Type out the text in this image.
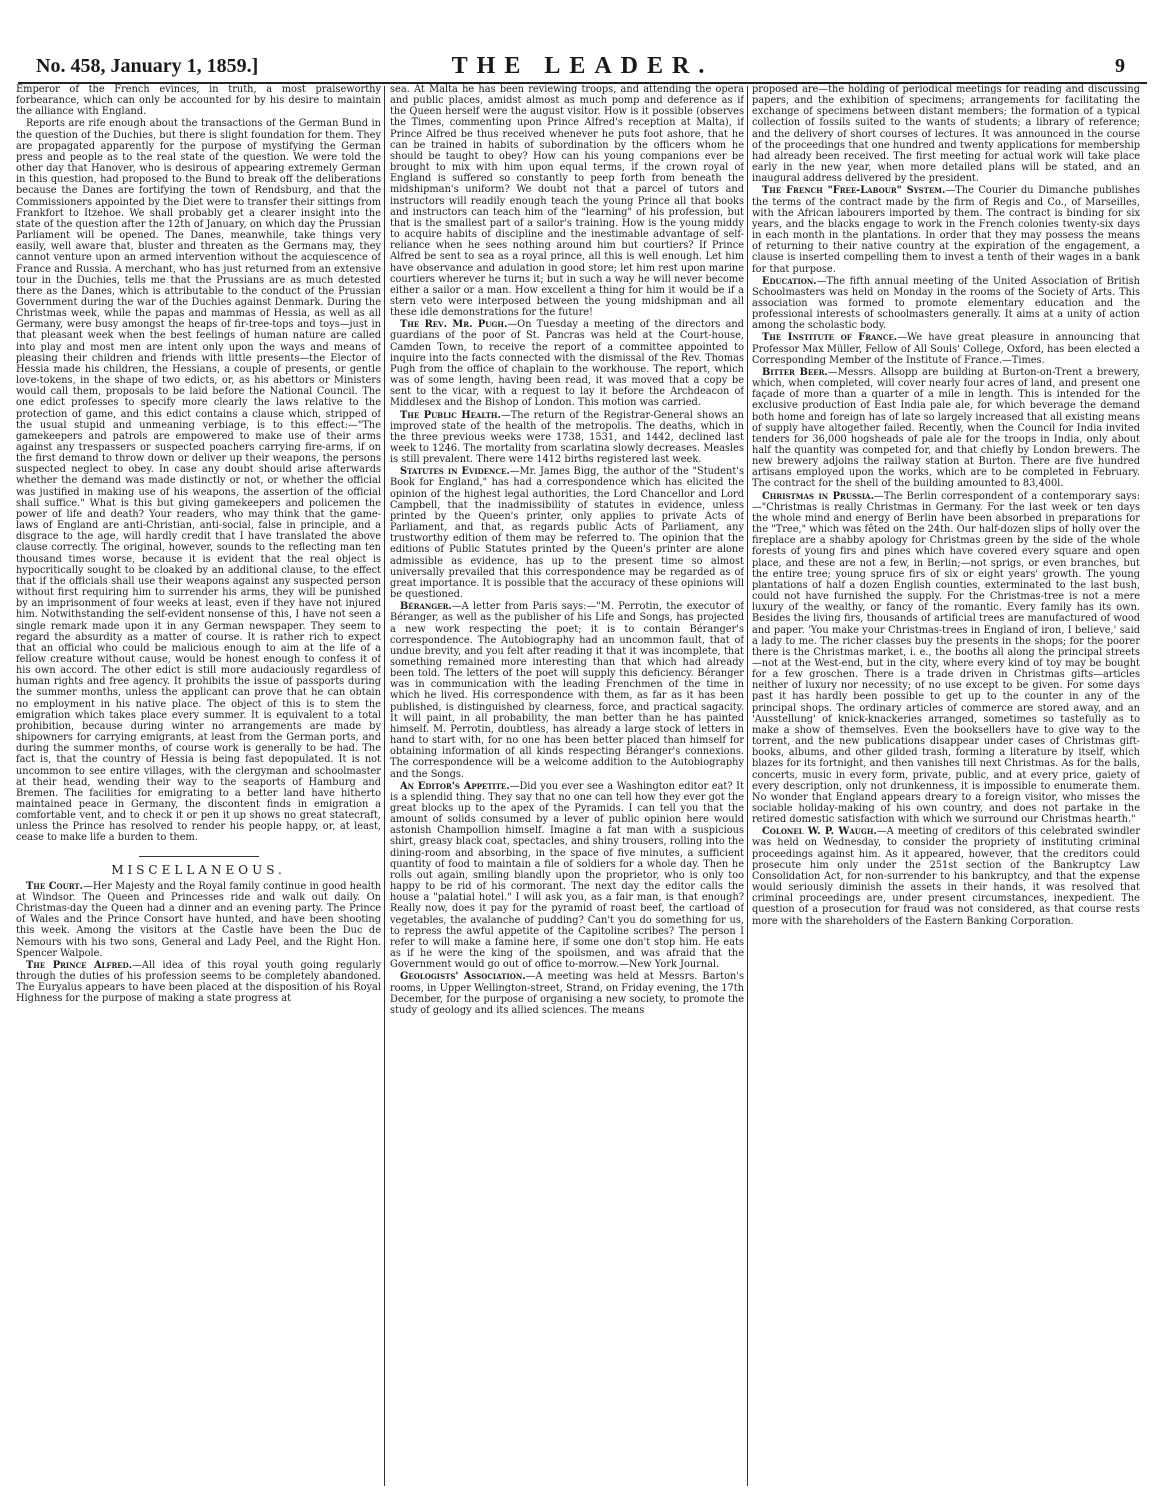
No. 458, January 1, 1859.]	THE LEADER.	9

Emperor of the French evinces, in truth, a most praiseworthy forbearance, which can only be accounted for by his desire to maintain the alliance with England.

Reports are rife enough about the transactions of the German Bund in the question of the Duchies, but there is slight foundation for them. They are propagated apparently for the purpose of mystifying the German press and people as to the real state of the question. We were told the other day that Hanover, who is desirous of appearing extremely German in this question, had proposed to the Bund to break off the deliberations because the Danes are fortifying the town of Rendsburg, and that the Commissioners appointed by the Diet were to transfer their sittings from Frankfort to Itzehoe. We shall probably get a clearer insight into the state of the question after the 12th of January, on which day the Prussian Parliament will be opened. The Danes, meanwhile, take things very easily, well aware that, bluster and threaten as the Germans may, they cannot venture upon an armed intervention without the acquiescence of France and Russia. A merchant, who has just returned from an extensive tour in the Duchies, tells me that the Prussians are as much detested there as the Danes, which is attributable to the conduct of the Prussian Government during the war of the Duchies against Denmark. During the Christmas week, while the papas and mammas of Hessia, as well as all Germany, were busy amongst the heaps of fir-tree-tops and toys—just in that pleasant week when the best feelings of human nature are called into play and most men are intent only upon the ways and means of pleasing their children and friends with little presents—the Elector of Hessia made his children, the Hessians, a couple of presents, or gentle love-tokens, in the shape of two edicts, or, as his abettors or Ministers would call them, proposals to be laid before the National Council. The one edict professes to specify more clearly the laws relative to the protection of game, and this edict contains a clause which, stripped of the usual stupid and unmeaning verbiage, is to this effect:—"The gamekeepers and patrols are empowered to make use of their arms against any trespassers or suspected poachers carrying fire-arms, if on the first demand to throw down or deliver up their weapons, the persons suspected neglect to obey. In case any doubt should arise afterwards whether the demand was made distinctly or not, or whether the official was justified in making use of his weapons, the assertion of the official shall suffice." What is this but giving gamekeepers and policemen the power of life and death? Your readers, who may think that the game-laws of England are anti-Christian, anti-social, false in principle, and a disgrace to the age, will hardly credit that I have translated the above clause correctly. The original, however, sounds to the reflecting man ten thousand times worse, because it is evident that the real object is hypocritically sought to be cloaked by an additional clause, to the effect that if the officials shall use their weapons against any suspected person without first requiring him to surrender his arms, they will be punished by an imprisonment of four weeks at least, even if they have not injured him. Notwithstanding the self-evident nonsense of this, I have not seen a single remark made upon it in any German newspaper. They seem to regard the absurdity as a matter of course. It is rather rich to expect that an official who could be malicious enough to aim at the life of a fellow creature without cause, would be honest enough to confess it of his own accord. The other edict is still more audaciously regardless of human rights and free agency. It prohibits the issue of passports during the summer months, unless the applicant can prove that he can obtain no employment in his native place. The object of this is to stem the emigration which takes place every summer. It is equivalent to a total prohibition, because during winter no arrangements are made by shipowners for carrying emigrants, at least from the German ports, and during the summer months, of course work is generally to be had. The fact is, that the country of Hessia is being fast depopulated. It is not uncommon to see entire villages, with the clergyman and schoolmaster at their head, wending their way to the seaports of Hamburg and Bremen. The facilities for emigrating to a better land have hitherto maintained peace in Germany, the discontent finds in emigration a comfortable vent, and to check it or pen it up shows no great statecraft, unless the Prince has resolved to render his people happy, or, at least, cease to make life a burden to them.

MISCELLANEOUS.

The Court.—Her Majesty and the Royal family continue in good health at Windsor. The Queen and Princesses ride and walk out daily. On Christmas-day the Queen had a dinner and an evening party. The Prince of Wales and the Prince Consort have hunted, and have been shooting this week. Among the visitors at the Castle have been the Duc de Nemours with his two sons, General and Lady Peel, and the Right Hon. Spencer Walpole.

The Prince Alfred.—All idea of this royal youth going regularly through the duties of his profession seems to be completely abandoned. The Euryalus appears to have been placed at the disposition of his Royal Highness for the purpose of making a state progress at

sea. At Malta he has been reviewing troops, and attending the opera and public places, amidst almost as much pomp and deference as if the Queen herself were the august visitor. How is it possible (observes the Times, commenting upon Prince Alfred's reception at Malta), if Prince Alfred be thus received whenever he puts foot ashore, that he can be trained in habits of subordination by the officers whom he should be taught to obey? How can his young companions ever be brought to mix with him upon equal terms, if the crown royal of England is suffered so constantly to peep forth from beneath the midshipman's uniform? We doubt not that a parcel of tutors and instructors will readily enough teach the young Prince all that books and instructors can teach him of the "learning" of his profession, but that is the smallest part of a sailor's training. How is the young middy to acquire habits of discipline and the inestimable advantage of self-reliance when he sees nothing around him but courtiers? If Prince Alfred be sent to sea as a royal prince, all this is well enough. Let him have observance and adulation in good store; let him rest upon marine courtiers wherever he turns it; but in such a way he will never become either a sailor or a man. How excellent a thing for him it would be if a stern veto were interposed between the young midshipman and all these idle demonstrations for the future!

The Rev. Mr. Pugh.—On Tuesday a meeting of the directors and guardians of the poor of St. Pancras was held at the Court-house, Camden Town, to receive the report of a committee appointed to inquire into the facts connected with the dismissal of the Rev. Thomas Pugh from the office of chaplain to the workhouse. The report, which was of some length, having been read, it was moved that a copy be sent to the vicar, with a request to lay it before the Archdeacon of Middlesex and the Bishop of London. This motion was carried.

The Public Health.—The return of the Registrar-General shows an improved state of the health of the metropolis. The deaths, which in the three previous weeks were 1738, 1531, and 1442, declined last week to 1246. The mortality from scarlatina slowly decreases. Measles is still prevalent. There were 1412 births registered last week.

Statutes in Evidence.—Mr. James Bigg, the author of the "Student's Book for England," has had a correspondence which has elicited the opinion of the highest legal authorities, the Lord Chancellor and Lord Campbell, that the inadmissibility of statutes in evidence, unless printed by the Queen's printer, only applies to private Acts of Parliament, and that, as regards public Acts of Parliament, any trustworthy edition of them may be referred to. The opinion that the editions of Public Statutes printed by the Queen's printer are alone admissible as evidence, has up to the present time so almost universally prevailed that this correspondence may be regarded as of great importance. It is possible that the accuracy of these opinions will be questioned.

Béranger.—A letter from Paris says:—"M. Perrotin, the executor of Béranger, as well as the publisher of his Life and Songs, has projected a new work respecting the poet; it is to contain Béranger's correspondence. The Autobiography had an uncommon fault, that of undue brevity, and you felt after reading it that it was incomplete, that something remained more interesting than that which had already been told. The letters of the poet will supply this deficiency. Béranger was in communication with the leading Frenchmen of the time in which he lived. His correspondence with them, as far as it has been published, is distinguished by clearness, force, and practical sagacity. It will paint, in all probability, the man better than he has painted himself. M. Perrotin, doubtless, has already a large stock of letters in hand to start with, for no one has been better placed than himself for obtaining information of all kinds respecting Béranger's connexions. The correspondence will be a welcome addition to the Autobiography and the Songs.

An Editor's Appetite.—Did you ever see a Washington editor eat? It is a splendid thing. They say that no one can tell how they ever got the great blocks up to the apex of the Pyramids. I can tell you that the amount of solids consumed by a lever of public opinion here would astonish Champollion himself. Imagine a fat man with a suspicious shirt, greasy black coat, spectacles, and shiny trousers, rolling into the dining-room and absorbing, in the space of five minutes, a sufficient quantity of food to maintain a file of soldiers for a whole day. Then he rolls out again, smiling blandly upon the proprietor, who is only too happy to be rid of his cormorant. The next day the editor calls the house a "palatial hotel." I will ask you, as a fair man, is that enough? Really now, does it pay for the pyramid of roast beef, the cartload of vegetables, the avalanche of pudding? Can't you do something for us, to repress the awful appetite of the Capitoline scribes? The person I refer to will make a famine here, if some one don't stop him. He eats as if he were the king of the spoilsmen, and was afraid that the Government would go out of office to-morrow.—New York Journal.

Geologists' Association.—A meeting was held at Messrs. Barton's rooms, in Upper Wellington-street, Strand, on Friday evening, the 17th December, for the purpose of organising a new society, to promote the study of geology and its allied sciences. The means

proposed are—the holding of periodical meetings for reading and discussing papers, and the exhibition of specimens; arrangements for facilitating the exchange of specimens between distant members; the formation of a typical collection of fossils suited to the wants of students; a library of reference; and the delivery of short courses of lectures. It was announced in the course of the proceedings that one hundred and twenty applications for membership had already been received. The first meeting for actual work will take place early in the new year, when more detailed plans will be stated, and an inaugural address delivered by the president.

The French "Free-Labour" System.—The Courier du Dimanche publishes the terms of the contract made by the firm of Regis and Co., of Marseilles, with the African labourers imported by them. The contract is binding for six years, and the blacks engage to work in the French colonies twenty-six days in each month in the plantations. In order that they may possess the means of returning to their native country at the expiration of the engagement, a clause is inserted compelling them to invest a tenth of their wages in a bank for that purpose.

Education.—The fifth annual meeting of the United Association of British Schoolmasters was held on Monday in the rooms of the Society of Arts. This association was formed to promote elementary education and the professional interests of schoolmasters generally. It aims at a unity of action among the scholastic body.

The Institute of France.—We have great pleasure in announcing that Professor Max Müller, Fellow of All Souls' College, Oxford, has been elected a Corresponding Member of the Institute of France.—Times.

Bitter Beer.—Messrs. Allsopp are building at Burton-on-Trent a brewery, which, when completed, will cover nearly four acres of land, and present one façade of more than a quarter of a mile in length. This is intended for the exclusive production of East India pale ale, for which beverage the demand both home and foreign has of late so largely increased that all existing means of supply have altogether failed. Recently, when the Council for India invited tenders for 36,000 hogsheads of pale ale for the troops in India, only about half the quantity was competed for, and that chiefly by London brewers. The new brewery adjoins the railway station at Burton. There are five hundred artisans employed upon the works, which are to be completed in February. The contract for the shell of the building amounted to 83,400l.

Christmas in Prussia.—The Berlin correspondent of a contemporary says:—"Christmas is really Christmas in Germany. For the last week or ten days the whole mind and energy of Berlin have been absorbed in preparations for the "Tree," which was fêted on the 24th. Our half-dozen slips of holly over the fireplace are a shabby apology for Christmas green by the side of the whole forests of young firs and pines which have covered every square and open place, and these are not a few, in Berlin;—not sprigs, or even branches, but the entire tree; young spruce firs of six or eight years' growth. The young plantations of half a dozen English counties, exterminated to the last bush, could not have furnished the supply. For the Christmas-tree is not a mere luxury of the wealthy, or fancy of the romantic. Every family has its own. Besides the living firs, thousands of artificial trees are manufactured of wood and paper. 'You make your Christmas-trees in England of iron, I believe,' said a lady to me. The richer classes buy the presents in the shops; for the poorer there is the Christmas market, i. e., the booths all along the principal streets—not at the West-end, but in the city, where every kind of toy may be bought for a few groschen. There is a trade driven in Christmas gifts—articles neither of luxury nor necessity; of no use except to be given. For some days past it has hardly been possible to get up to the counter in any of the principal shops. The ordinary articles of commerce are stored away, and an 'Ausstellung' of knick-knackeries arranged, sometimes so tastefully as to make a show of themselves. Even the booksellers have to give way to the torrent, and the new publications disappear under cases of Christmas gift-books, albums, and other gilded trash, forming a literature by itself, which blazes for its fortnight, and then vanishes till next Christmas. As for the balls, concerts, music in every form, private, public, and at every price, gaiety of every description, only not drunkenness, it is impossible to enumerate them. No wonder that England appears dreary to a foreign visitor, who misses the sociable holiday-making of his own country, and does not partake in the retired domestic satisfaction with which we surround our Christmas hearth."

Colonel W. P. Waugh.—A meeting of creditors of this celebrated swindler was held on Wednesday, to consider the propriety of instituting criminal proceedings against him. As it appeared, however, that the creditors could prosecute him only under the 251st section of the Bankruptcy Law Consolidation Act, for non-surrender to his bankruptcy, and that the expense would seriously diminish the assets in their hands, it was resolved that criminal proceedings are, under present circumstances, inexpedient. The question of a prosecution for fraud was not considered, as that course rests more with the shareholders of the Eastern Banking Corporation.
